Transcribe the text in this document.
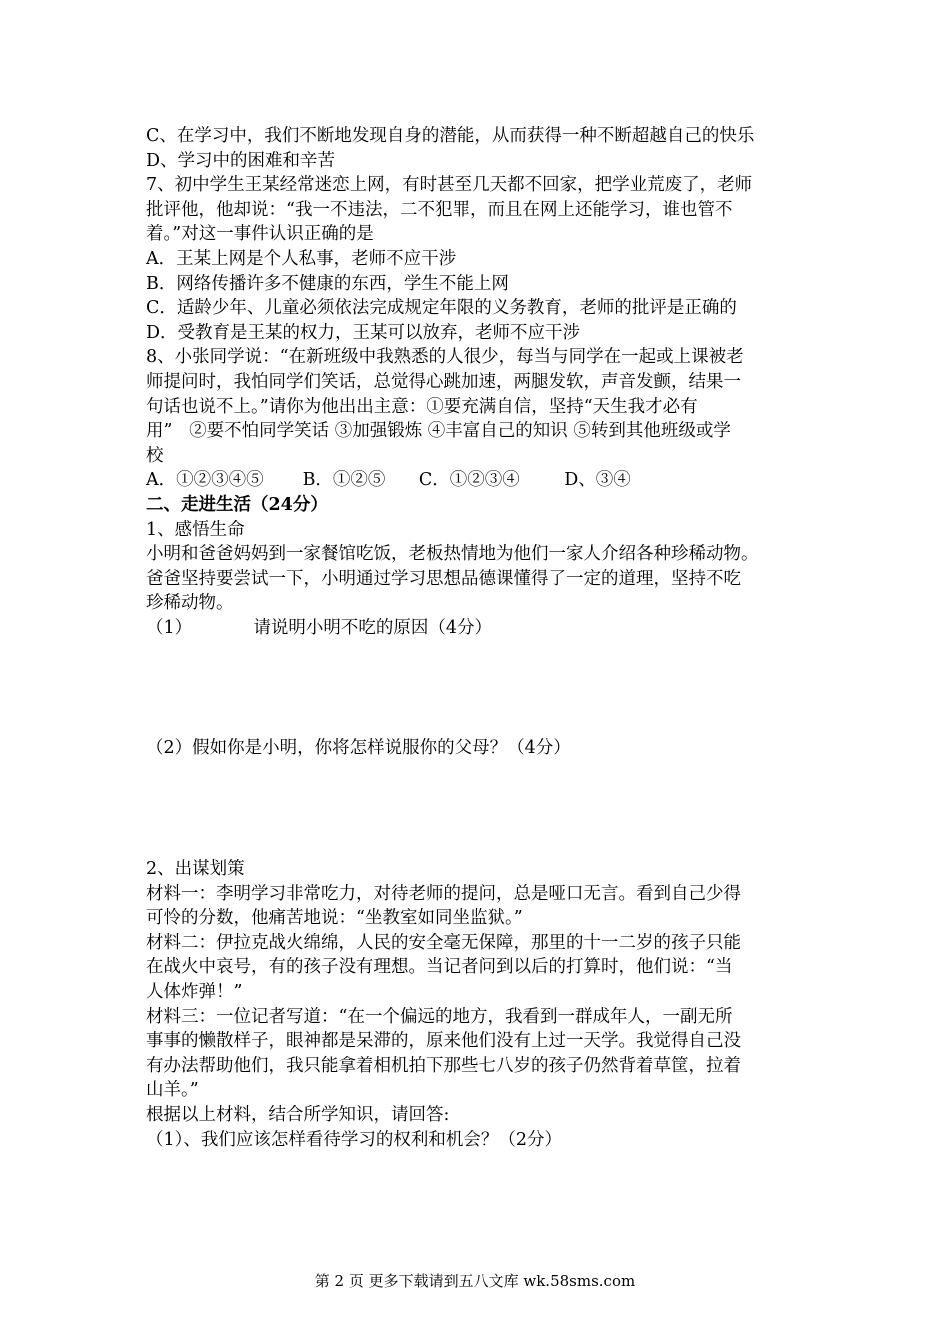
C、在学习中，我们不断地发现自身的潜能，从而获得一种不断超越自己的快乐
D、学习中的困难和辛苦
7、初中学生王某经常迷恋上网，有时甚至几天都不回家，把学业荒废了，老师
批评他，他却说：“我一不违法，二不犯罪，而且在网上还能学习，谁也管不
着。”对这一事件认识正确的是
A．王某上网是个人私事，老师不应干涉
B．网络传播许多不健康的东西，学生不能上网
C．适龄少年、儿童必须依法完成规定年限的义务教育，老师的批评是正确的
D．受教育是王某的权力，王某可以放弃，老师不应干涉
8、小张同学说：“在新班级中我熟悉的人很少，每当与同学在一起或上课被老
师提问时，我怕同学们笑话，总觉得心跳加速，两腿发软，声音发颤，结果一
句话也说不上。”请你为他出出主意：①要充满自信，坚持“天生我才必有
用”   ②要不怕同学笑话 ③加强锻炼 ④丰富自己的知识 ⑤转到其他班级或学
校
A．①②③④⑤       B．①②⑤      C．①②③④        D、③④
二、走进生活（24分）
1、感悟生命
小明和爸爸妈妈到一家餐馆吃饭，老板热情地为他们一家人介绍各种珍稀动物。
爸爸坚持要尝试一下，小明通过学习思想品德课懂得了一定的道理，坚持不吃
珍稀动物。
（1）           请说明小明不吃的原因（4分）
（2）假如你是小明，你将怎样说服你的父母？（4分）
2、出谋划策
材料一：李明学习非常吃力，对待老师的提问，总是哑口无言。看到自己少得
可怜的分数，他痛苦地说：“坐教室如同坐监狱。”
材料二：伊拉克战火绵绵，人民的安全毫无保障，那里的十一二岁的孩子只能
在战火中哀号，有的孩子没有理想。当记者问到以后的打算时，他们说：“当
人体炸弹！”
材料三：一位记者写道：“在一个偏远的地方，我看到一群成年人，一副无所
事事的懒散样子，眼神都是呆滞的，原来他们没有上过一天学。我觉得自己没
有办法帮助他们，我只能拿着相机拍下那些七八岁的孩子仍然背着草筐，拉着
山羊。”
根据以上材料，结合所学知识，请回答:
（1）、我们应该怎样看待学习的权利和机会？（2分）
第 2 页 更多下载请到五八文库 wk.58sms.com
